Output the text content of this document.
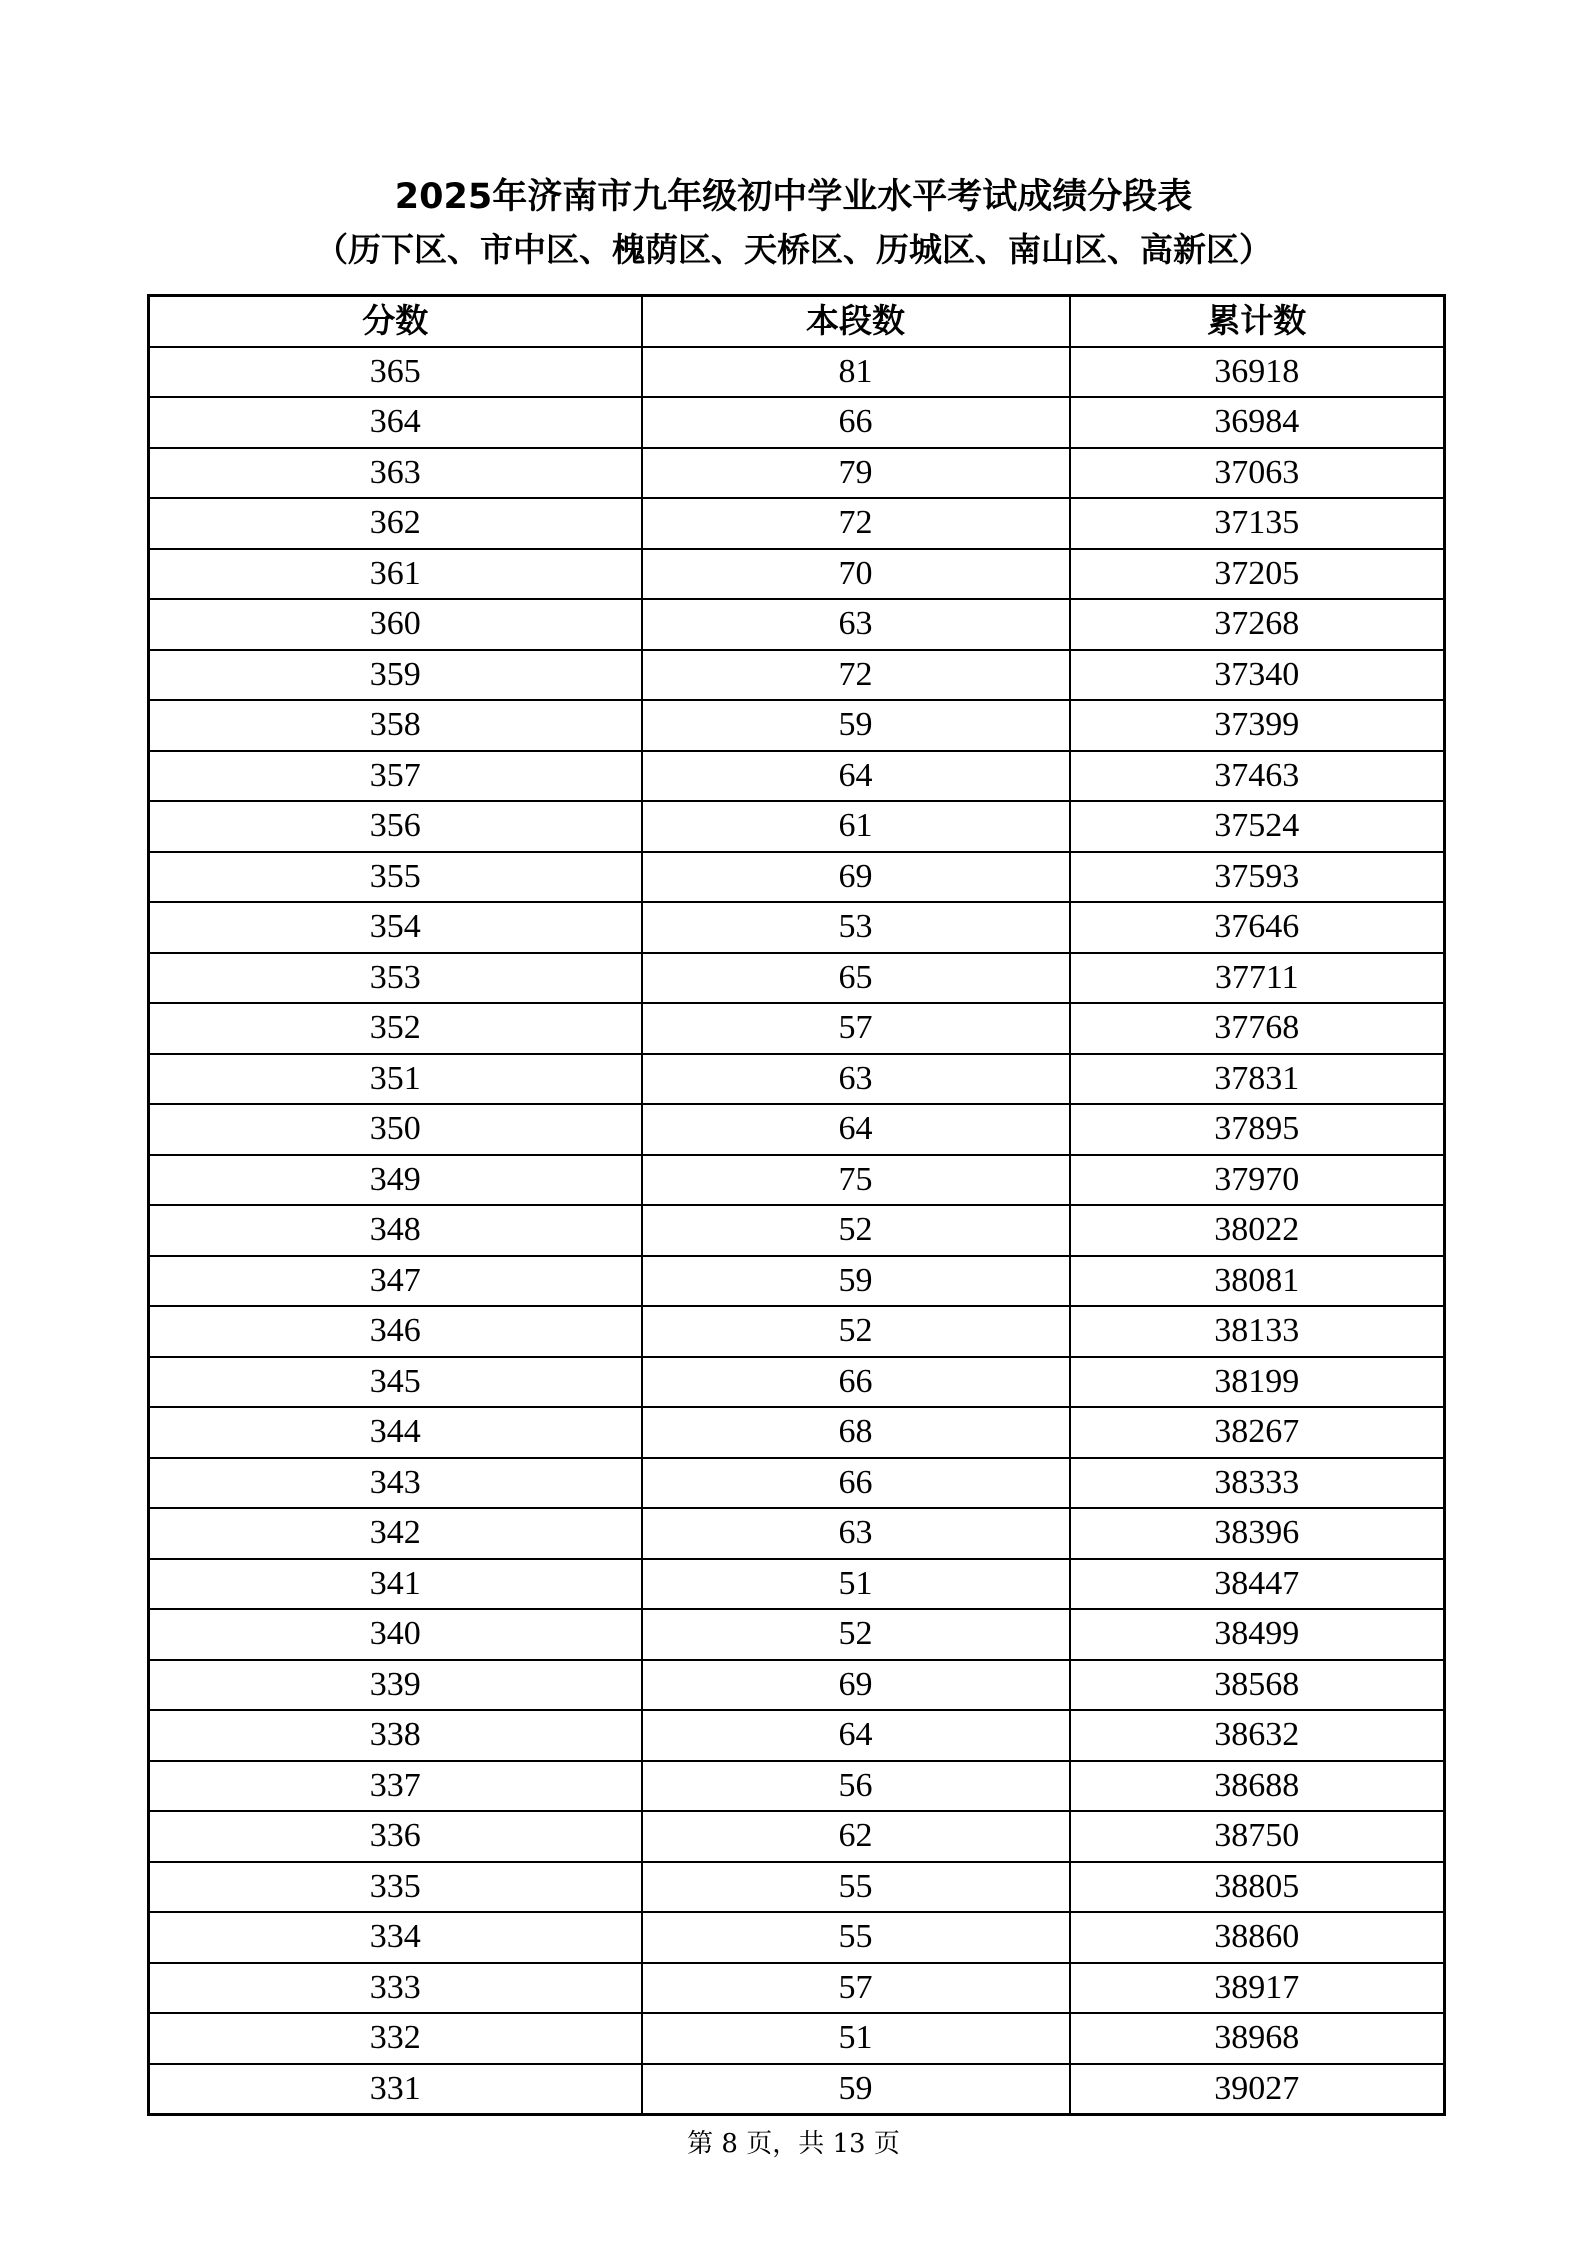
2025年济南市九年级初中学业水平考试成绩分段表
（历下区、市中区、槐荫区、天桥区、历城区、南山区、高新区）
分数	本段数	累计数
365	81	36918
364	66	36984
363	79	37063
362	72	37135
361	70	37205
360	63	37268
359	72	37340
358	59	37399
357	64	37463
356	61	37524
355	69	37593
354	53	37646
353	65	37711
352	57	37768
351	63	37831
350	64	37895
349	75	37970
348	52	38022
347	59	38081
346	52	38133
345	66	38199
344	68	38267
343	66	38333
342	63	38396
341	51	38447
340	52	38499
339	69	38568
338	64	38632
337	56	38688
336	62	38750
335	55	38805
334	55	38860
333	57	38917
332	51	38968
331	59	39027
第 8 页，共 13 页
